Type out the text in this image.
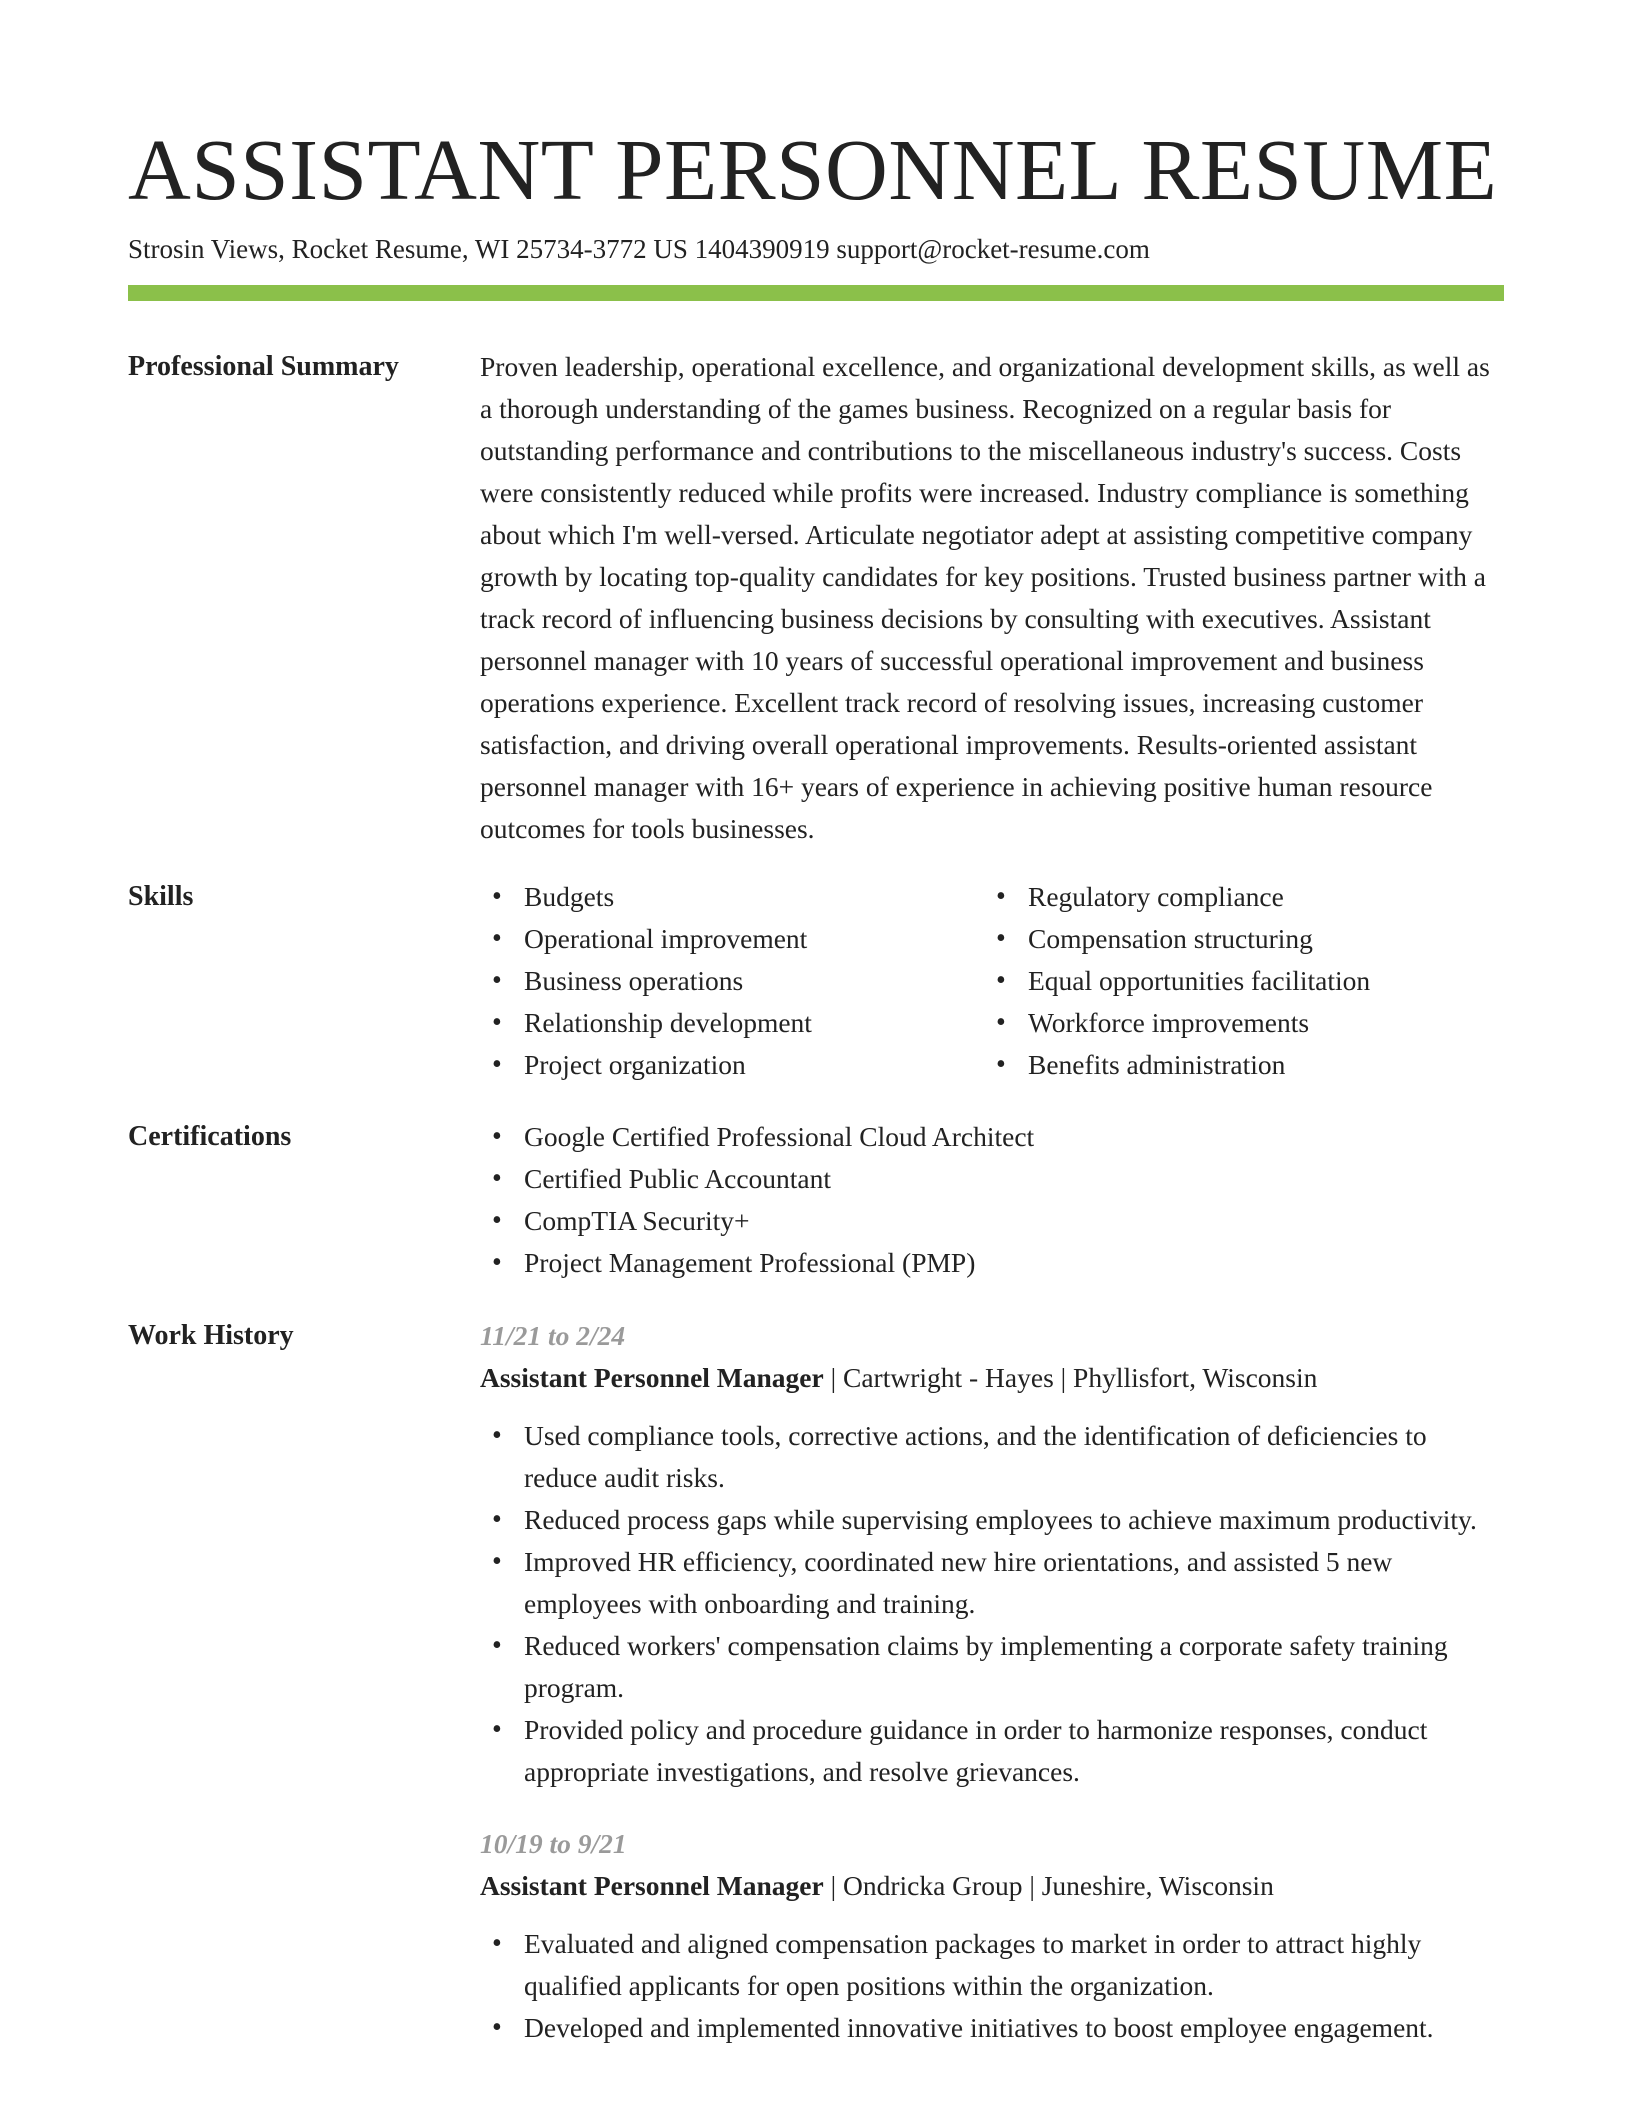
ASSISTANT PERSONNEL RESUME
Strosin Views, Rocket Resume, WI 25734-3772 US 1404390919 support@rocket-resume.com
Professional Summary	Proven leadership, operational excellence, and organizational development skills, as well as a thorough understanding of the games business. Recognized on a regular basis for outstanding performance and contributions to the miscellaneous industry's success. Costs were consistently reduced while profits were increased. Industry compliance is something about which I'm well-versed. Articulate negotiator adept at assisting competitive company growth by locating top-quality candidates for key positions. Trusted business partner with a track record of influencing business decisions by consulting with executives. Assistant personnel manager with 10 years of successful operational improvement and business operations experience. Excellent track record of resolving issues, increasing customer satisfaction, and driving overall operational improvements. Results-oriented assistant personnel manager with 16+ years of experience in achieving positive human resource outcomes for tools businesses.
Skills	• Budgets
• Operational improvement
• Business operations
• Relationship development
• Project organization
• Regulatory compliance
• Compensation structuring
• Equal opportunities facilitation
• Workforce improvements
• Benefits administration
Certifications	• Google Certified Professional Cloud Architect
• Certified Public Accountant
• CompTIA Security+
• Project Management Professional (PMP)
Work History	11/21 to 2/24
Assistant Personnel Manager | Cartwright - Hayes | Phyllisfort, Wisconsin
• Used compliance tools, corrective actions, and the identification of deficiencies to reduce audit risks.
• Reduced process gaps while supervising employees to achieve maximum productivity.
• Improved HR efficiency, coordinated new hire orientations, and assisted 5 new employees with onboarding and training.
• Reduced workers' compensation claims by implementing a corporate safety training program.
• Provided policy and procedure guidance in order to harmonize responses, conduct appropriate investigations, and resolve grievances.
10/19 to 9/21
Assistant Personnel Manager | Ondricka Group | Juneshire, Wisconsin
• Evaluated and aligned compensation packages to market in order to attract highly qualified applicants for open positions within the organization.
• Developed and implemented innovative initiatives to boost employee engagement.
